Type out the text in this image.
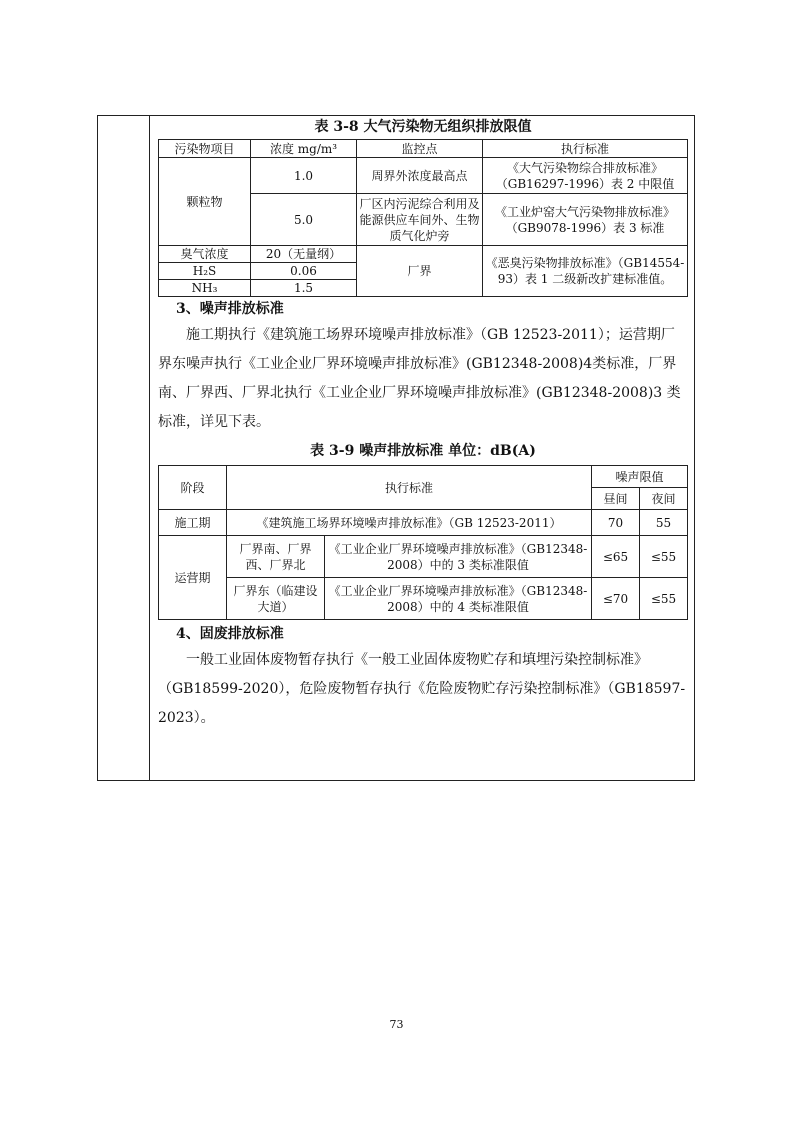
表 3-8 大气污染物无组织排放限值
污染物项目	浓度 mg/m³	监控点	执行标准
颗粒物	1.0	周界外浓度最高点	《大气污染物综合排放标准》（GB16297-1996）表 2 中限值
	5.0	厂区内污泥综合利用及能源供应车间外、生物质气化炉旁	《工业炉窑大气污染物排放标准》（GB9078-1996）表 3 标准
臭气浓度	20（无量纲）	厂界	《恶臭污染物排放标准》（GB14554-93）表 1 二级新改扩建标准值。
H₂S	0.06		
NH₃	1.5		
3、噪声排放标准

施工期执行《建筑施工场界环境噪声排放标准》（GB 12523-2011）；运营期厂界东噪声执行《工业企业厂界环境噪声排放标准》(GB12348-2008)4类标准，厂界南、厂界西、厂界北执行《工业企业厂界环境噪声排放标准》(GB12348-2008)3 类标准，详见下表。

表 3-9 噪声排放标准 单位：dB(A)
阶段	执行标准		噪声限值	
			昼间	夜间
施工期	《建筑施工场界环境噪声排放标准》（GB 12523-2011）		70	55
运营期	厂界南、厂界西、厂界北	《工业企业厂界环境噪声排放标准》（GB12348-2008）中的 3 类标准限值	≤65	≤55
	厂界东（临建设大道）	《工业企业厂界环境噪声排放标准》（GB12348-2008）中的 4 类标准限值	≤70	≤55
4、固废排放标准

一般工业固体废物暂存执行《一般工业固体废物贮存和填埋污染控制标准》（GB18599-2020），危险废物暂存执行《危险废物贮存污染控制标准》（GB18597-2023）。

73
